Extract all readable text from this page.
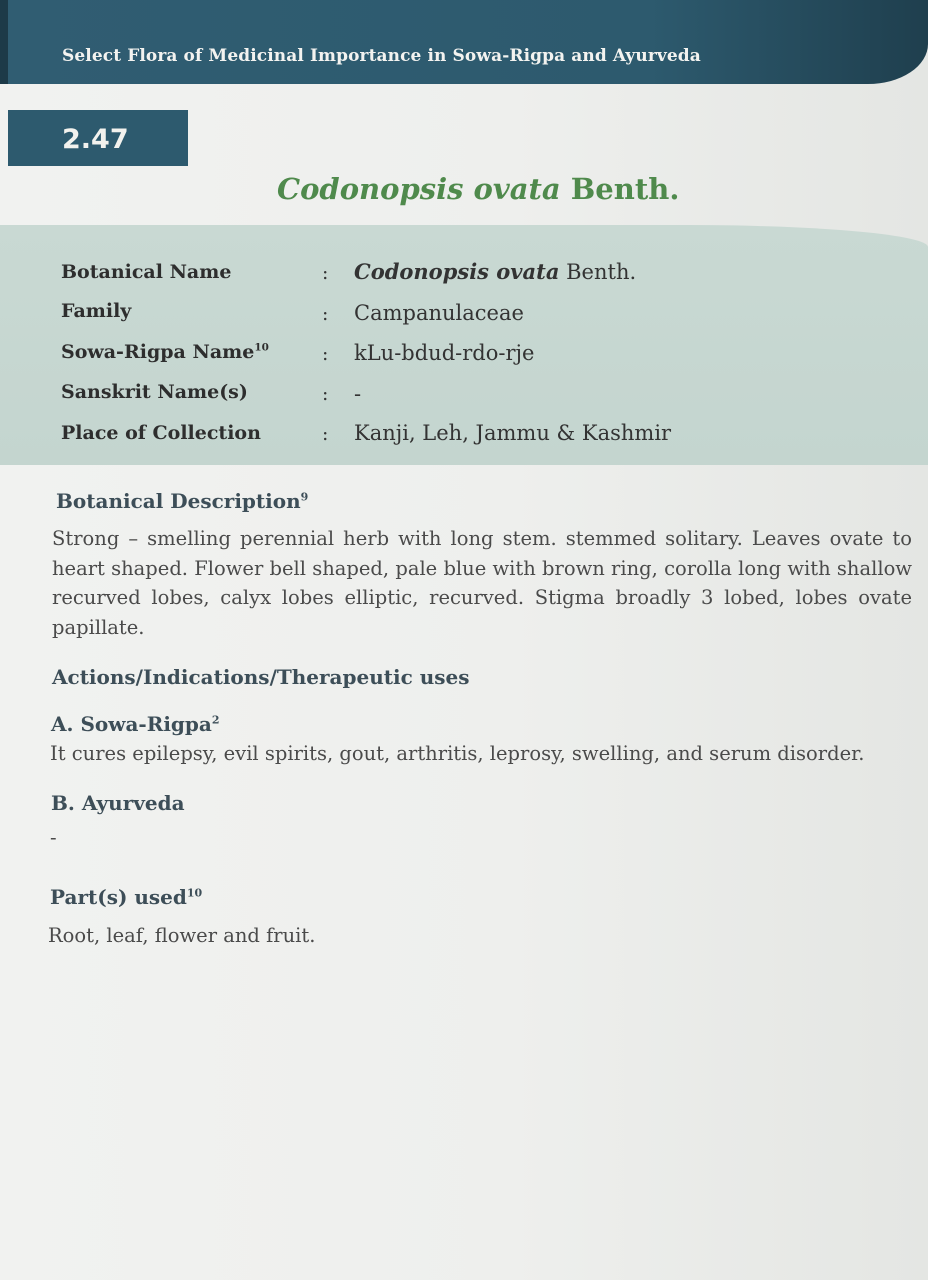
Select Flora of Medicinal Importance in Sowa-Rigpa and Ayurveda
2.47
Codonopsis ovata Benth.
Botanical Name	: Codonopsis ovata Benth.
Family	: Campanulaceae
Sowa-Rigpa Name$^{10}$	: kLu-bdud-rdo-rje
Sanskrit Name(s)	: -
Place of Collection	: Kanji, Leh, Jammu & Kashmir
Botanical Description$^9$
Strong – smelling perennial herb with long stem. stemmed solitary. Leaves ovate to heart shaped. Flower bell shaped, pale blue with brown ring, corolla long with shallow recurved lobes, calyx lobes elliptic, recurved. Stigma broadly 3 lobed, lobes ovate papillate.
Actions/Indications/Therapeutic uses
A. Sowa-Rigpa$^2$
It cures epilepsy, evil spirits, gout, arthritis, leprosy, swelling, and serum disorder.
B. Ayurveda
-
Part(s) used$^{10}$
Root, leaf, flower and fruit.
